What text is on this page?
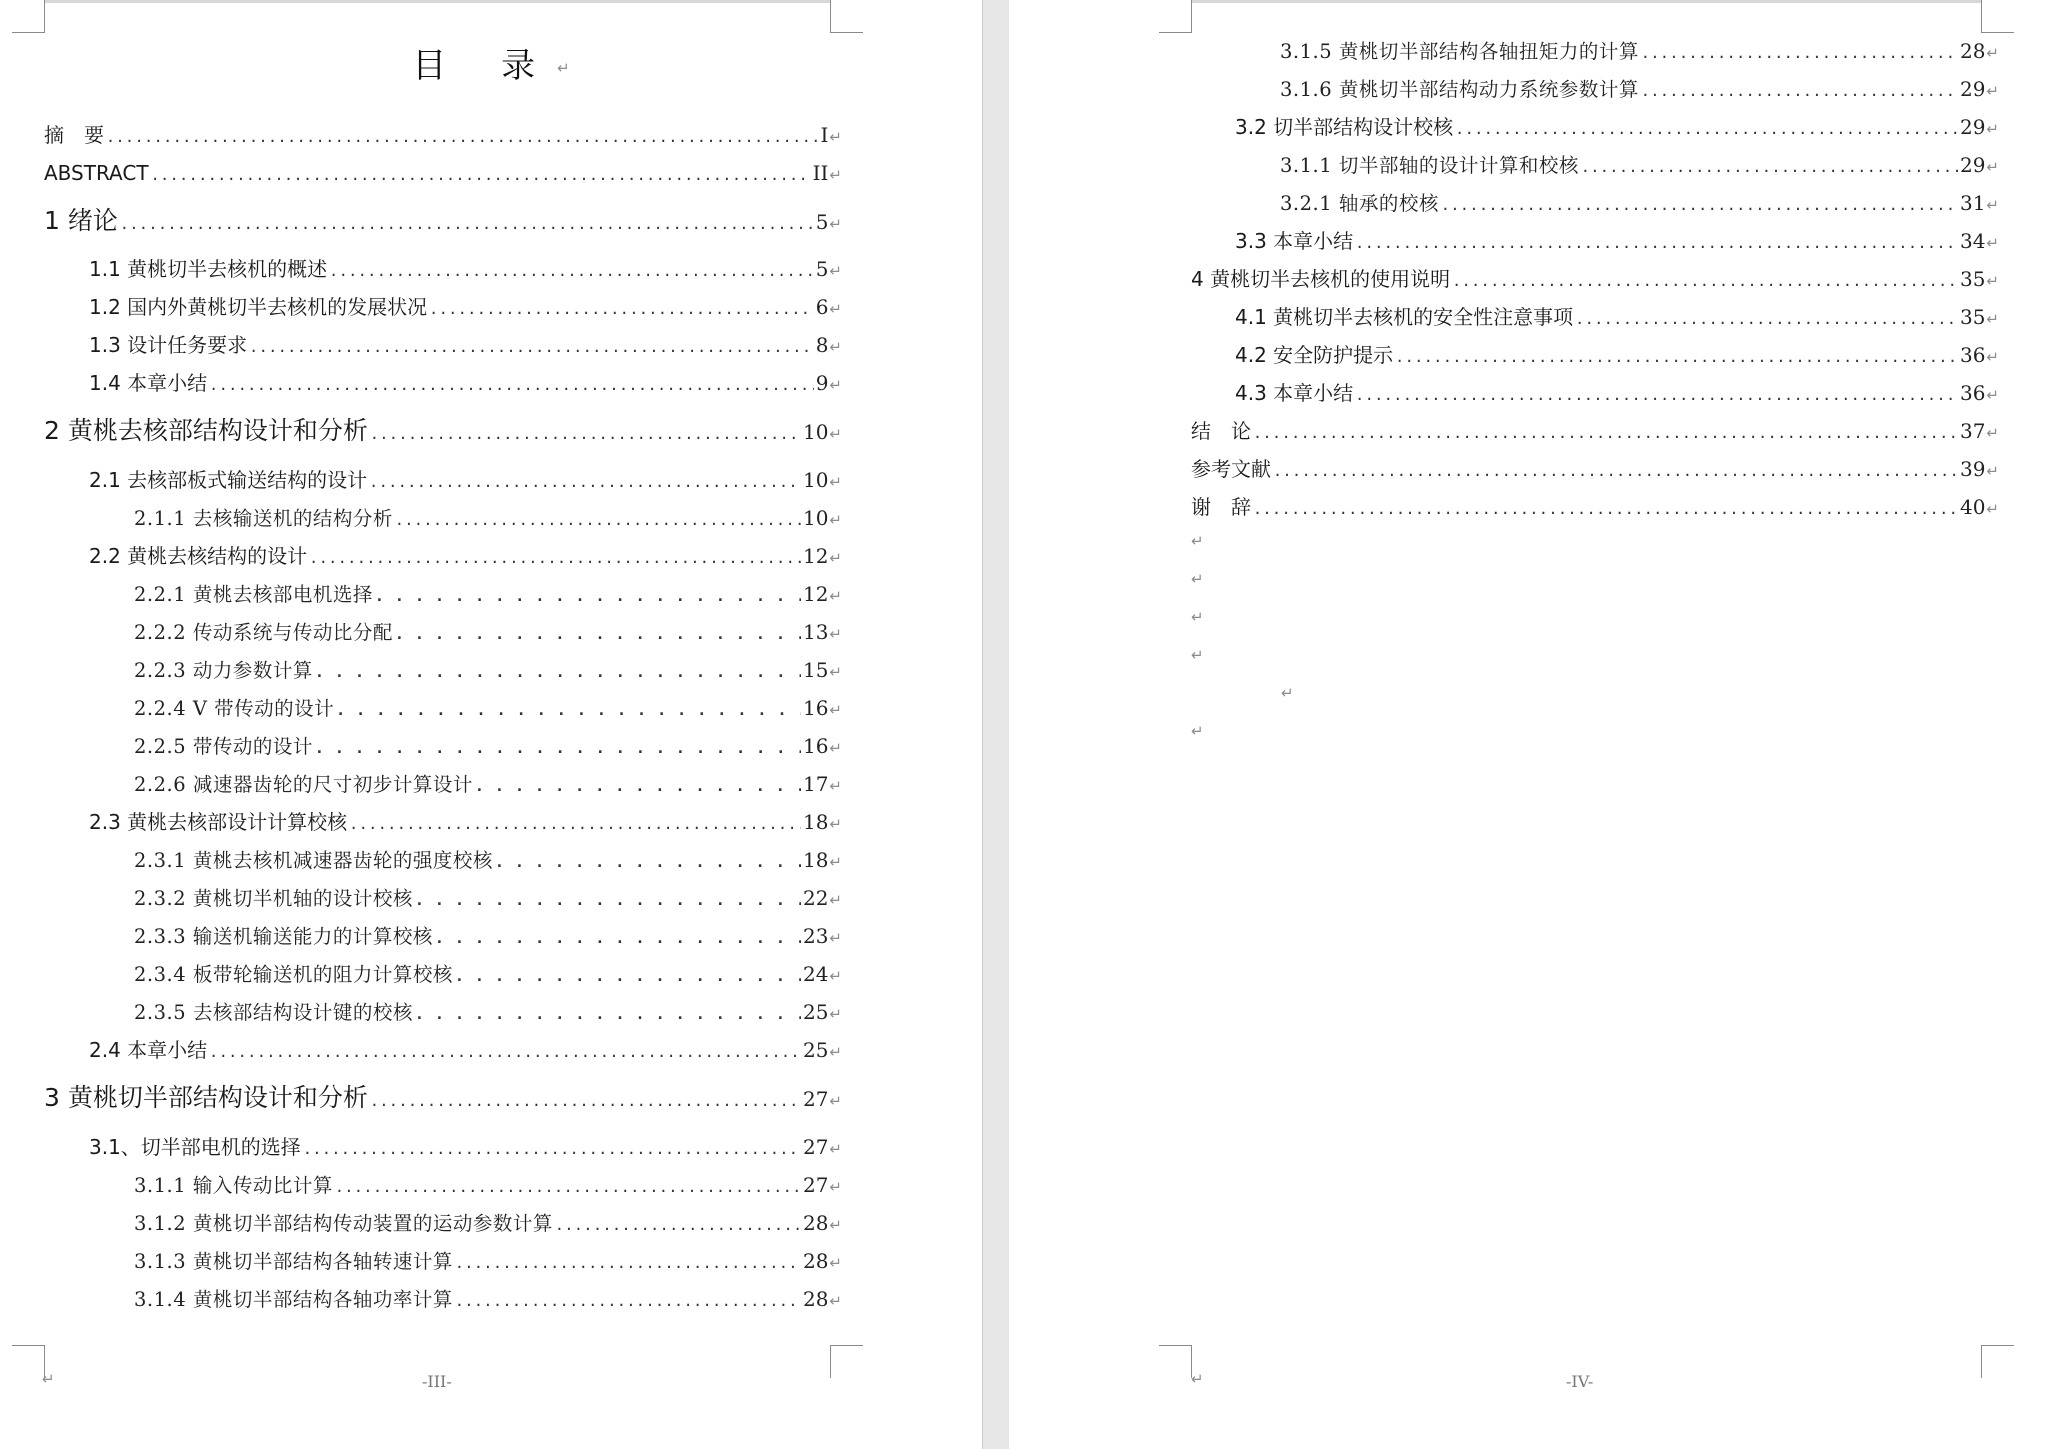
目 录↵
摘　要 .....	I ↵
ABSTRACT .....	II ↵
1 绪论 .....	5 ↵
1.1 黄桃切半去核机的概述 .....	5 ↵
1.2 国内外黄桃切半去核机的发展状况 .....	6 ↵
1.3 设计任务要求 .....	8 ↵
1.4 本章小结 .....	9 ↵
2 黄桃去核部结构设计和分析 .....	10 ↵
2.1 去核部板式输送结构的设计 .....	10 ↵
2.1.1 去核输送机的结构分析 .....	10 ↵
2.2 黄桃去核结构的设计 .....	12 ↵
2.2.1 黄桃去核部电机选择 . . .	12 ↵
2.2.2 传动系统与传动比分配 . . .	13 ↵
2.2.3 动力参数计算 . . .	15 ↵
2.2.4 V 带传动的设计 . . .	16 ↵
2.2.5 带传动的设计 . . .	16 ↵
2.2.6 减速器齿轮的尺寸初步计算设计 . . .	17 ↵
2.3 黄桃去核部设计计算校核 .....	18 ↵
2.3.1 黄桃去核机减速器齿轮的强度校核 . . .	18 ↵
2.3.2 黄桃切半机轴的设计校核 . . .	22 ↵
2.3.3 输送机输送能力的计算校核 . . .	23 ↵
2.3.4 板带轮输送机的阻力计算校核 . . .	24 ↵
2.3.5 去核部结构设计键的校核 . . .	25 ↵
2.4 本章小结 .....	25 ↵
3 黄桃切半部结构设计和分析 .....	27 ↵
3.1、切半部电机的选择 .....	27 ↵
3.1.1 输入传动比计算 .....	27 ↵
3.1.2 黄桃切半部结构传动装置的运动参数计算 .....	28 ↵
3.1.3 黄桃切半部结构各轴转速计算 .....	28 ↵
3.1.4 黄桃切半部结构各轴功率计算 .....	28 ↵
↵	-III-
3.1.5 黄桃切半部结构各轴扭矩力的计算 .....	28 ↵
3.1.6 黄桃切半部结构动力系统参数计算 .....	29 ↵
3.2 切半部结构设计校核 .....	29 ↵
3.1.1 切半部轴的设计计算和校核 .....	29 ↵
3.2.1 轴承的校核 .....	31 ↵
3.3 本章小结 .....	34 ↵
4 黄桃切半去核机的使用说明 .....	35 ↵
4.1 黄桃切半去核机的安全性注意事项 .....	35 ↵
4.2 安全防护提示 .....	36 ↵
4.3 本章小结 .....	36 ↵
结　论 .....	37 ↵
参考文献 .....	39 ↵
谢　辞 .....	40 ↵
↵
↵
↵
↵
↵
↵
↵	-IV-
